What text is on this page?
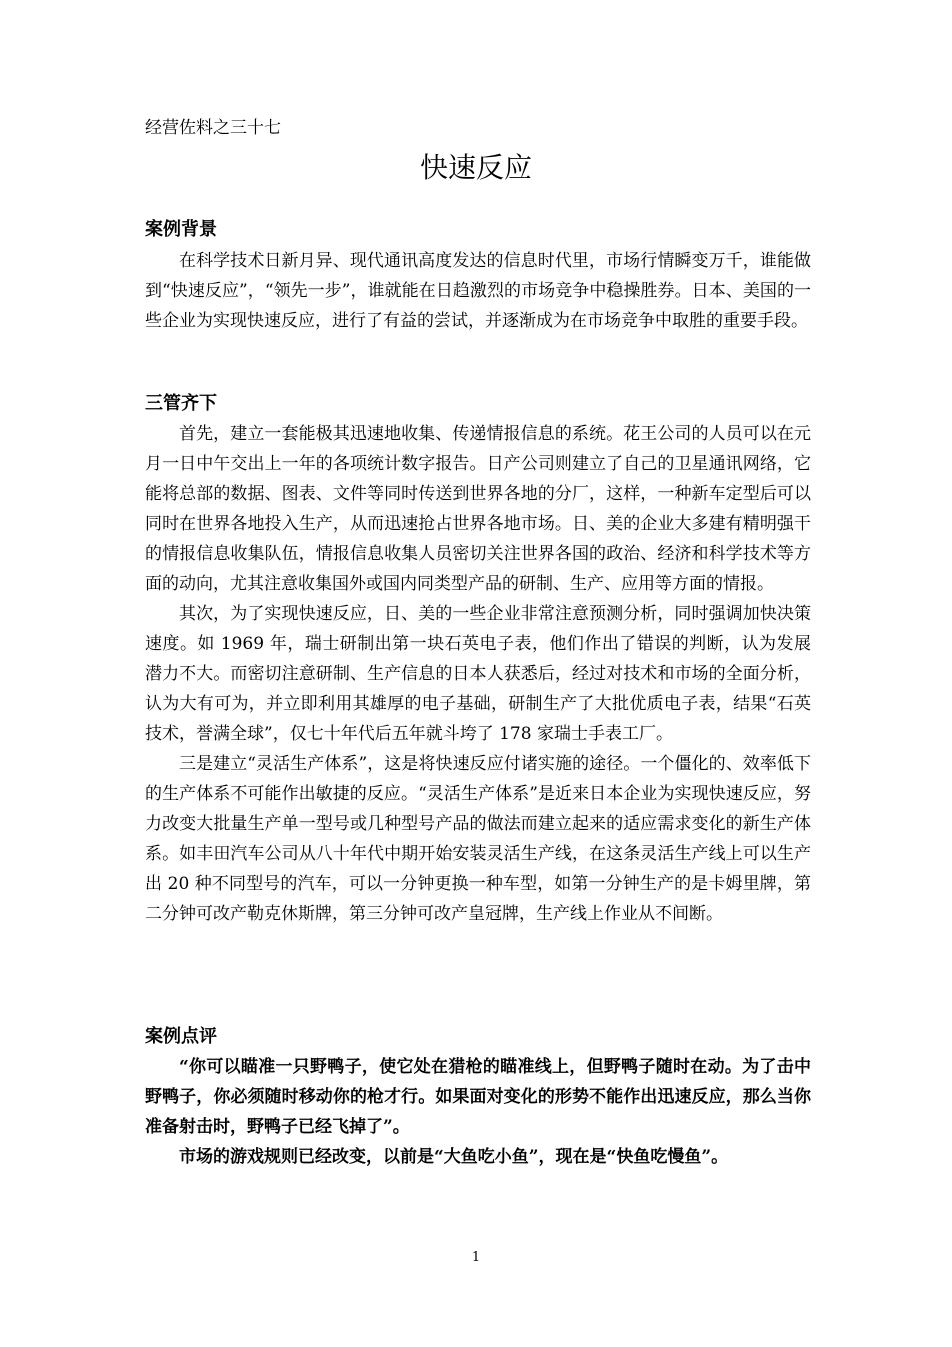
经营佐料之三十七

快速反应
案例背景

在科学技术日新月异、现代通讯高度发达的信息时代里，市场行情瞬变万千，谁能做到“快速反应”，“领先一步”，谁就能在日趋激烈的市场竞争中稳操胜券。日本、美国的一些企业为实现快速反应，进行了有益的尝试，并逐渐成为在市场竞争中取胜的重要手段。

三管齐下

首先，建立一套能极其迅速地收集、传递情报信息的系统。花王公司的人员可以在元月一日中午交出上一年的各项统计数字报告。日产公司则建立了自己的卫星通讯网络，它能将总部的数据、图表、文件等同时传送到世界各地的分厂，这样，一种新车定型后可以同时在世界各地投入生产，从而迅速抢占世界各地市场。日、美的企业大多建有精明强干的情报信息收集队伍，情报信息收集人员密切关注世界各国的政治、经济和科学技术等方面的动向，尤其注意收集国外或国内同类型产品的研制、生产、应用等方面的情报。

其次，为了实现快速反应，日、美的一些企业非常注意预测分析，同时强调加快决策速度。如 1969 年，瑞士研制出第一块石英电子表，他们作出了错误的判断，认为发展潜力不大。而密切注意研制、生产信息的日本人获悉后，经过对技术和市场的全面分析，认为大有可为，并立即利用其雄厚的电子基础，研制生产了大批优质电子表，结果“石英技术，誉满全球”，仅七十年代后五年就斗垮了 178 家瑞士手表工厂。

三是建立“灵活生产体系”，这是将快速反应付诸实施的途径。一个僵化的、效率低下的生产体系不可能作出敏捷的反应。“灵活生产体系”是近来日本企业为实现快速反应，努力改变大批量生产单一型号或几种型号产品的做法而建立起来的适应需求变化的新生产体系。如丰田汽车公司从八十年代中期开始安装灵活生产线，在这条灵活生产线上可以生产出 20 种不同型号的汽车，可以一分钟更换一种车型，如第一分钟生产的是卡姆里牌，第二分钟可改产勒克休斯牌，第三分钟可改产皇冠牌，生产线上作业从不间断。

案例点评

“你可以瞄准一只野鸭子，使它处在猎枪的瞄准线上，但野鸭子随时在动。为了击中野鸭子，你必须随时移动你的枪才行。如果面对变化的形势不能作出迅速反应，那么当你准备射击时，野鸭子已经飞掉了”。

市场的游戏规则已经改变，以前是“大鱼吃小鱼”，现在是“快鱼吃慢鱼”。

1
